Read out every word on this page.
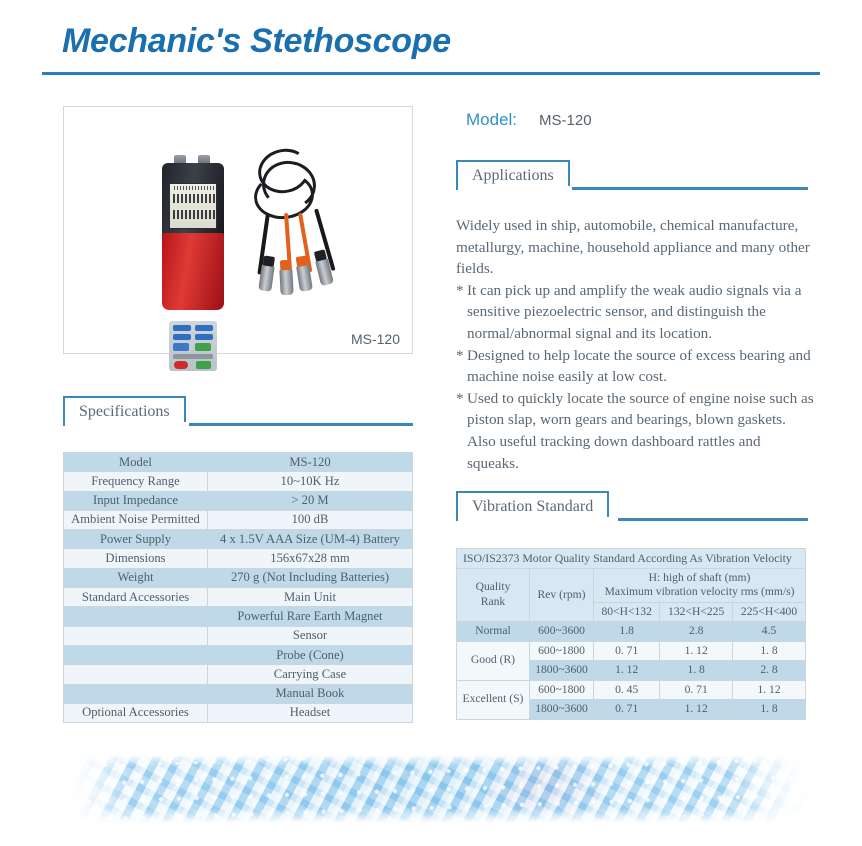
Mechanic's Stethoscope
MS-120
MS-120
Model: MS-120
Applications

Widely used in ship, automobile, chemical manufacture, metallurgy, machine, household appliance and many other fields.

* It can pick up and amplify the weak audio signals via a sensitive piezoelectric sensor, and distinguish the normal/abnormal signal and its location.

* Designed to help locate the source of excess bearing and machine noise easily at low cost.

* Used to quickly locate the source of engine noise such as piston slap, worn gears and bearings, blown gaskets. Also useful tracking down dashboard rattles and squeaks.

Specifications
Model	MS-120
Frequency Range	10~10K Hz
Input Impedance	> 20 M
Ambient Noise Permitted	100 dB
Power Supply	4 x 1.5V AAA Size (UM-4) Battery
Dimensions	156x67x28 mm
Weight	270 g (Not Including Batteries)
Standard Accessories	Main Unit
	Powerful Rare Earth Magnet
	Sensor
	Probe (Cone)
	Carrying Case
	Manual Book
Optional Accessories	Headset
Vibration Standard
ISO/IS2373 Motor Quality Standard According As Vibration Velocity				
Quality
Rank	Rev (rpm)	H: high of shaft (mm)
Maximum vibration velocity rms (mm/s)		
		80<H<132	132<H<225	225<H<400
Normal	600~3600	1.8	2.8	4.5
Good (R)	600~1800	0. 71	1. 12	1. 8
	1800~3600	1. 12	1. 8	2. 8
Excellent (S)	600~1800	0. 45	0. 71	1. 12
	1800~3600	0. 71	1. 12	1. 8
